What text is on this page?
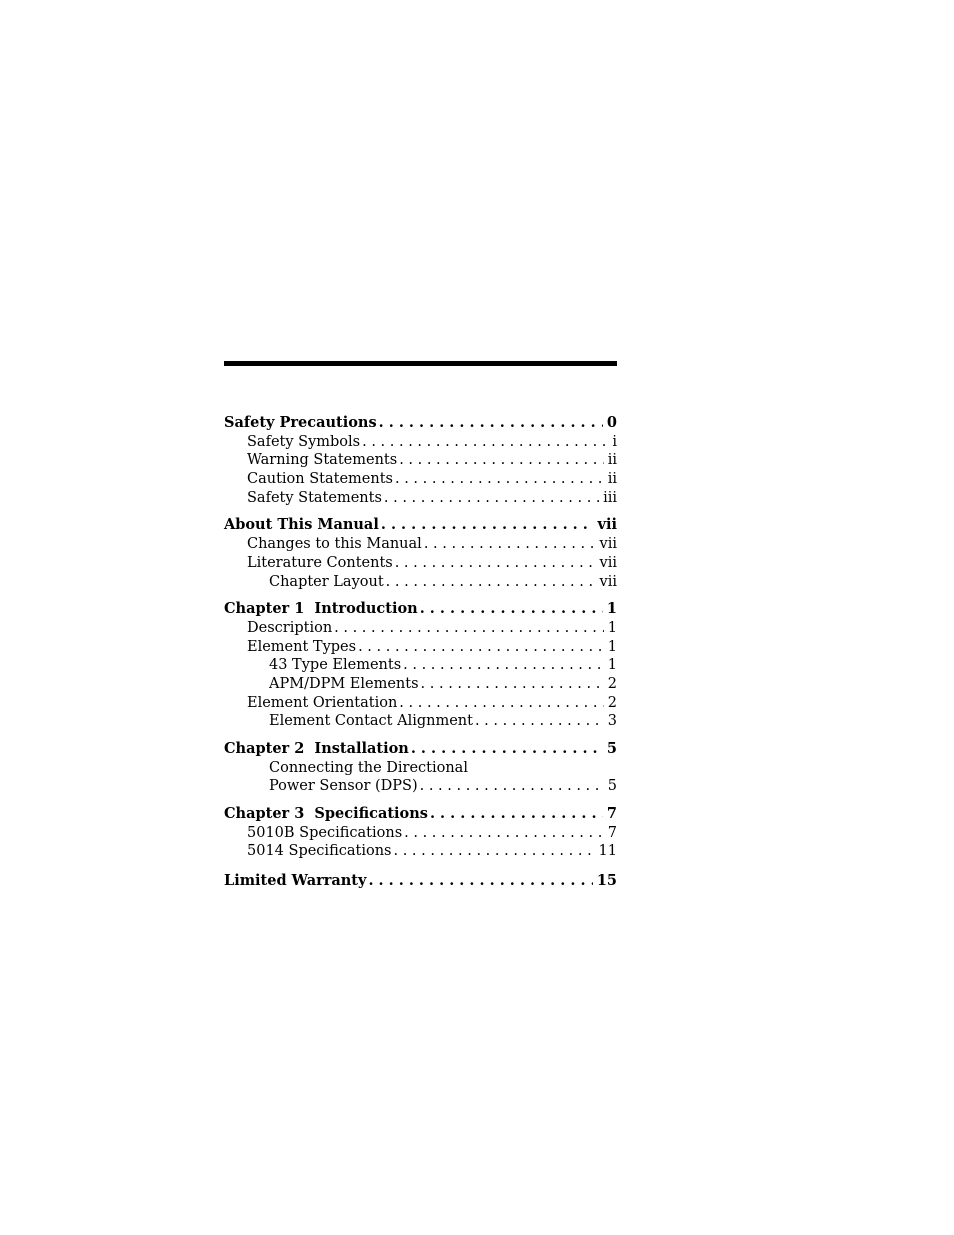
Safety Precautions . . .	0
Safety Symbols . . .	i
Warning Statements . . .	ii
Caution Statements . . .	ii
Safety Statements . . .	iii
About This Manual . . .	vii
Changes to this Manual . . .	vii
Literature Contents . . .	vii
Chapter Layout . . .	vii
Chapter 1  Introduction . . .	1
Description . . .	1
Element Types . . .	1
43 Type Elements . . .	1
APM/DPM Elements . . .	2
Element Orientation . . .	2
Element Contact Alignment . . .	3
Chapter 2  Installation . . .	5
Connecting the Directional
Power Sensor (DPS) . . .	5
Chapter 3  Specifications . . .	7
5010B Specifications . . .	7
5014 Specifications . . .	11
Limited Warranty . . .	15
